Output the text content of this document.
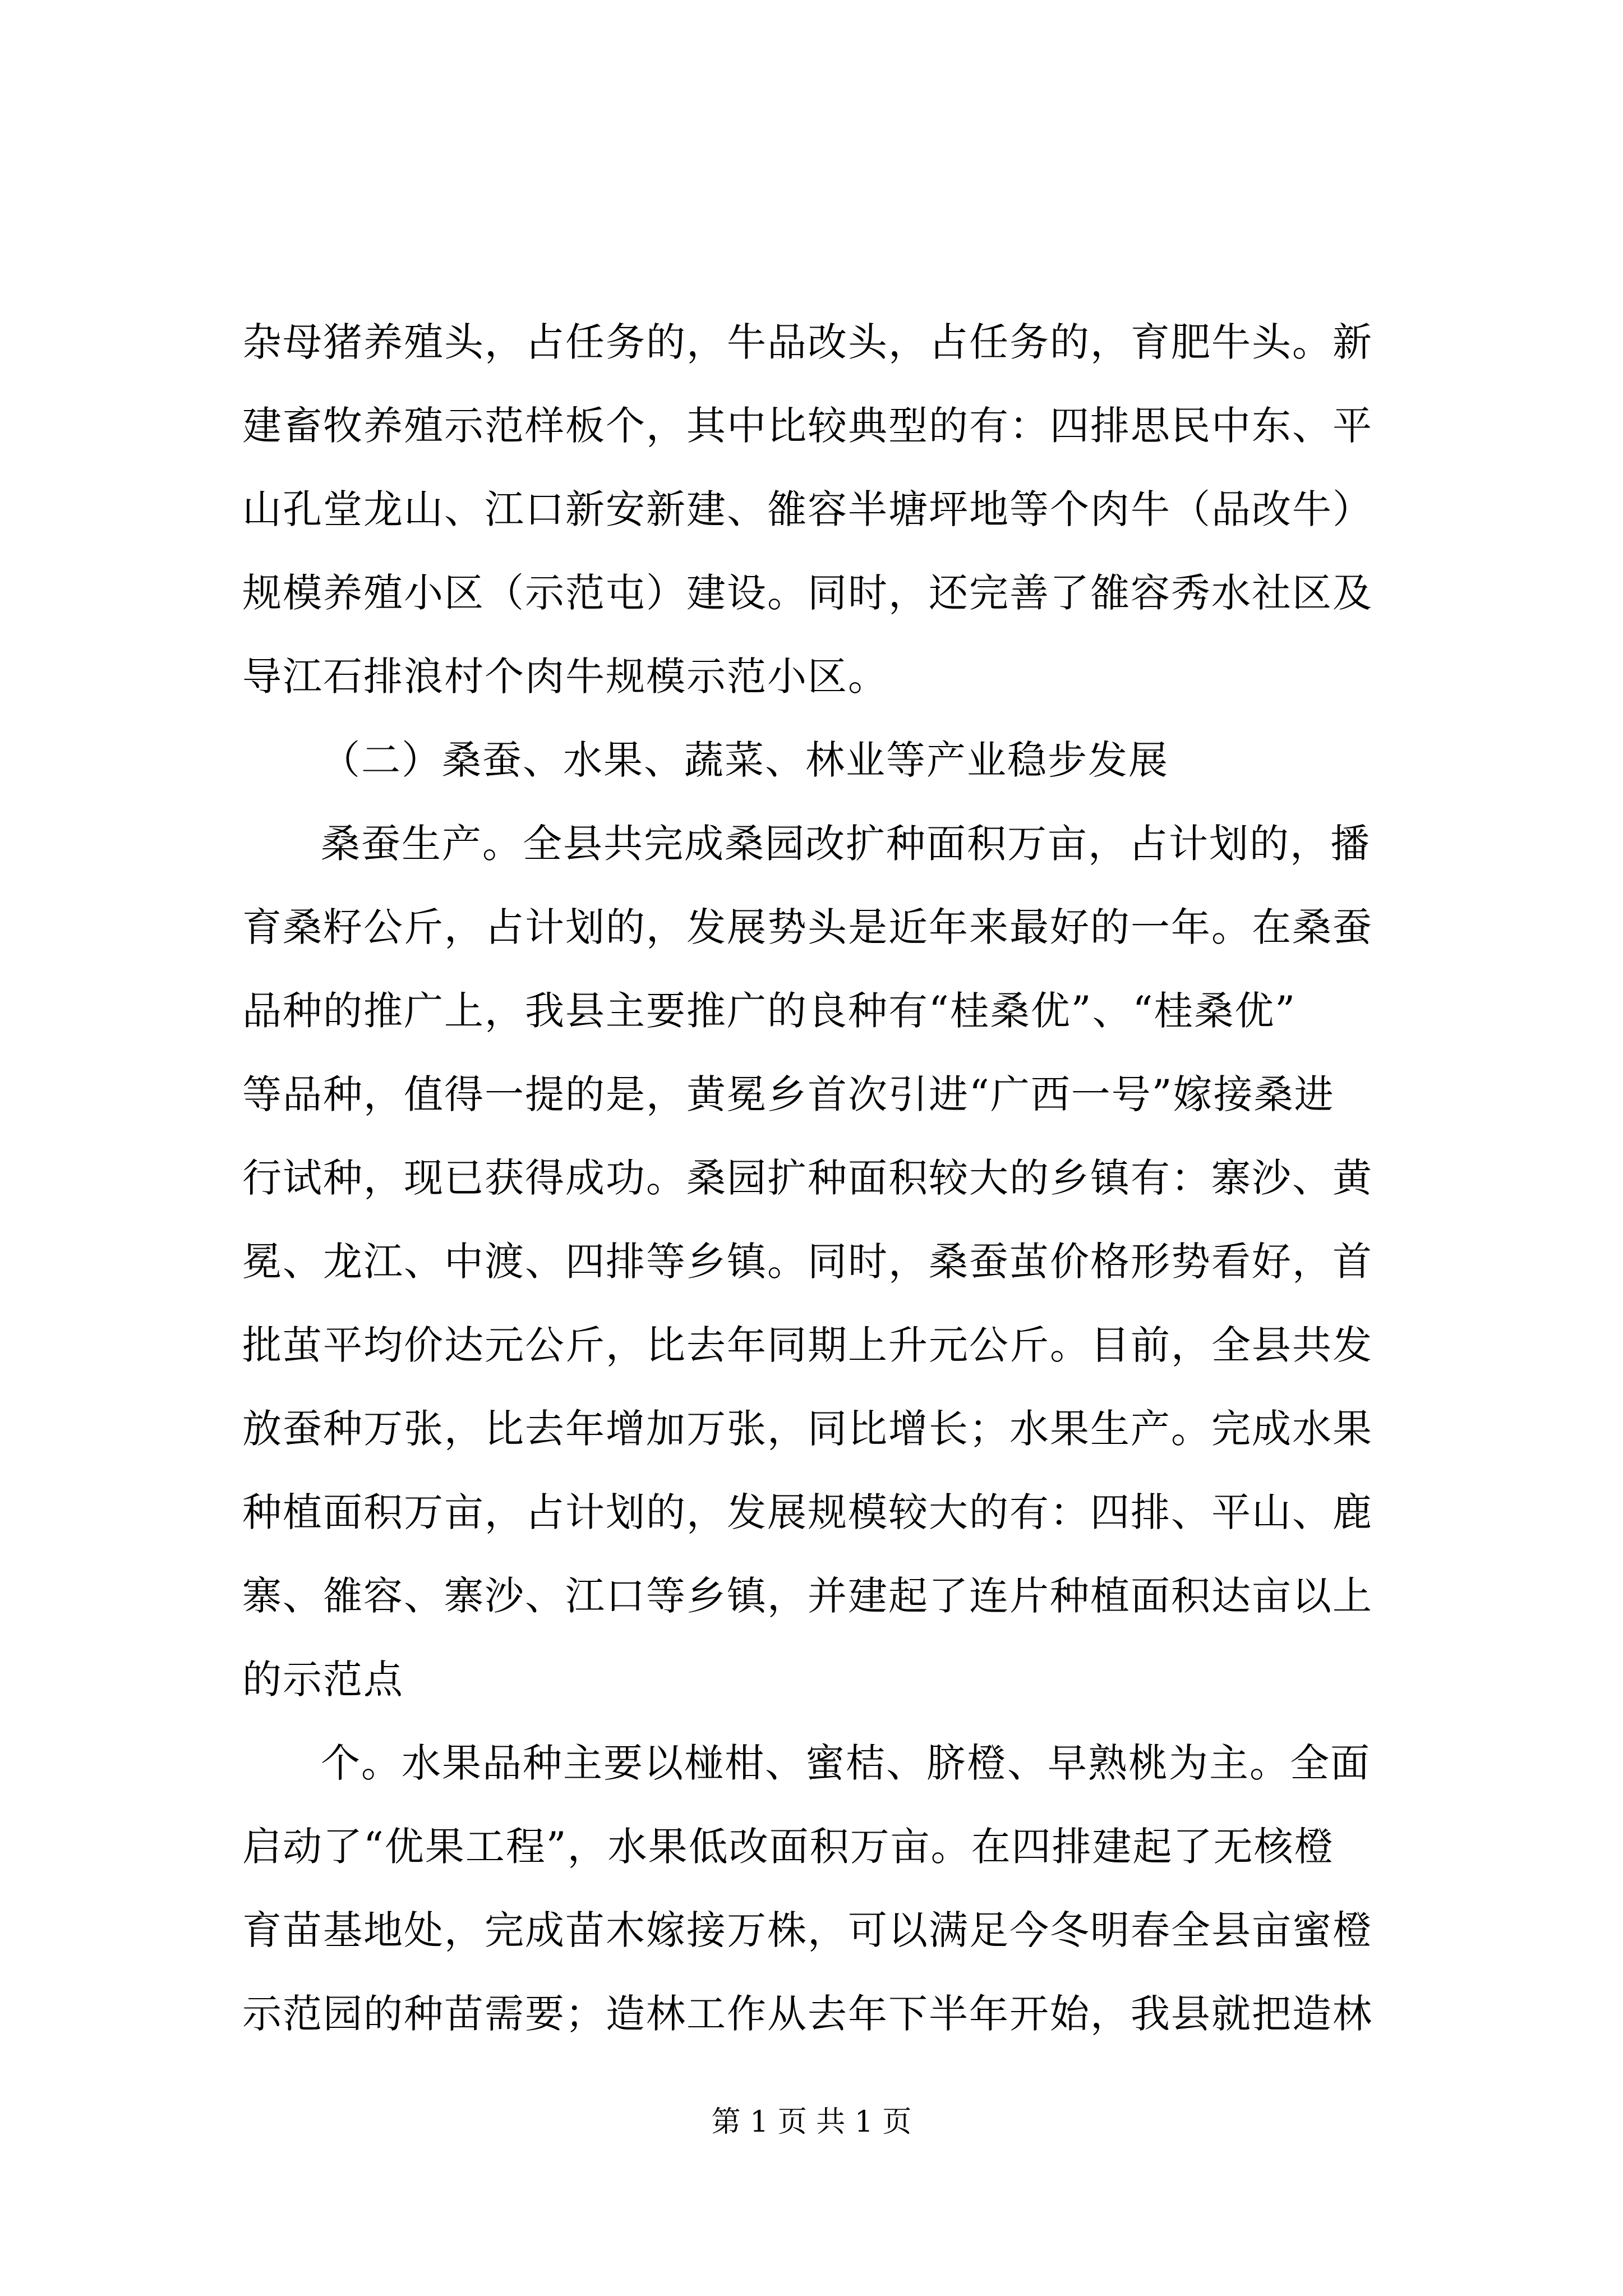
杂母猪养殖头，占任务的，牛品改头，占任务的，育肥牛头。新
建畜牧养殖示范样板个，其中比较典型的有：四排思民中东、平
山孔堂龙山、江口新安新建、雒容半塘坪地等个肉牛（品改牛）
规模养殖小区（示范屯）建设。同时，还完善了雒容秀水社区及
导江石排浪村个肉牛规模示范小区。
（二）桑蚕、水果、蔬菜、林业等产业稳步发展
桑蚕生产。全县共完成桑园改扩种面积万亩，占计划的，播
育桑籽公斤，占计划的，发展势头是近年来最好的一年。在桑蚕
品种的推广上，我县主要推广的良种有“桂桑优”、“桂桑优”
等品种，值得一提的是，黄冕乡首次引进“广西一号”嫁接桑进
行试种，现已获得成功。桑园扩种面积较大的乡镇有：寨沙、黄
冕、龙江、中渡、四排等乡镇。同时，桑蚕茧价格形势看好，首
批茧平均价达元公斤，比去年同期上升元公斤。目前，全县共发
放蚕种万张，比去年增加万张，同比增长；水果生产。完成水果
种植面积万亩，占计划的，发展规模较大的有：四排、平山、鹿
寨、雒容、寨沙、江口等乡镇，并建起了连片种植面积达亩以上
的示范点
个。水果品种主要以椪柑、蜜桔、脐橙、早熟桃为主。全面
启动了“优果工程”，水果低改面积万亩。在四排建起了无核橙
育苗基地处，完成苗木嫁接万株，可以满足今冬明春全县亩蜜橙
示范园的种苗需要；造林工作从去年下半年开始，我县就把造林
第 1 页 共 1 页
